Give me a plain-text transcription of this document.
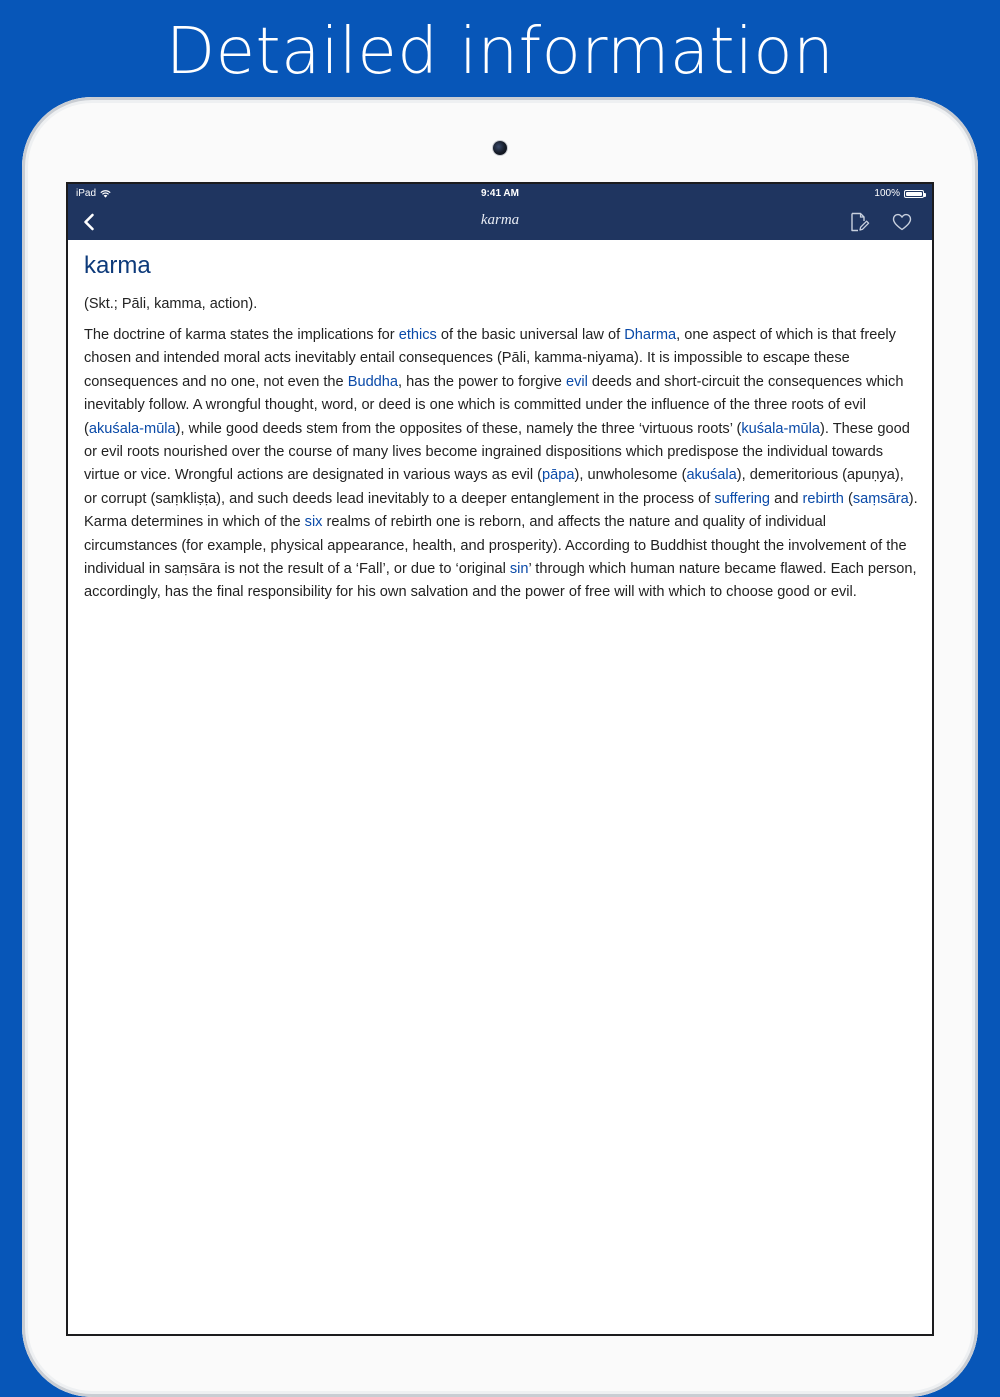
Detailed information
iPad	9:41 AM	100%
karma
karma

(Skt.; Pāli, kamma, action).

The doctrine of karma states the implications for ethics of the basic universal law of Dharma, one aspect of which is that freely chosen and intended moral acts inevitably entail consequences (Pāli, kamma-niyama). It is impossible to escape these consequences and no one, not even the Buddha, has the power to forgive evil deeds and short-circuit the consequences which inevitably follow. A wrongful thought, word, or deed is one which is committed under the influence of the three roots of evil (akuśala-mūla), while good deeds stem from the opposites of these, namely the three ‘virtuous roots’ (kuśala-mūla). These good or evil roots nourished over the course of many lives become ingrained dispositions which predispose the individual towards virtue or vice. Wrongful actions are designated in various ways as evil (pāpa), unwholesome (akuśala), demeritorious (apuṇya), or corrupt (saṃkliṣṭa), and such deeds lead inevitably to a deeper entanglement in the process of suffering and rebirth (saṃsāra). Karma determines in which of the six realms of rebirth one is reborn, and affects the nature and quality of individual circumstances (for example, physical appearance, health, and prosperity). According to Buddhist thought the involvement of the individual in saṃsāra is not the result of a ‘Fall’, or due to ‘original sin’ through which human nature became flawed. Each person, accordingly, has the final responsibility for his own salvation and the power of free will with which to choose good or evil.
